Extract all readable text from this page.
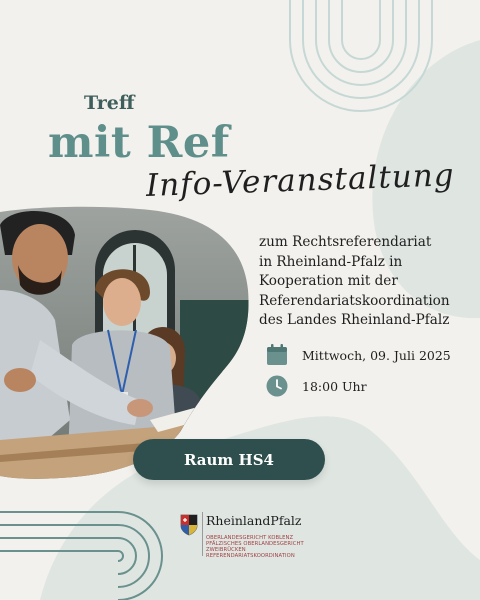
Treff
mit Ref
Info-Veranstaltung
zum Rechtsreferendariat
in Rheinland-Pfalz in
Kooperation mit der
Referendariatskoordination
des Landes Rheinland-Pfalz
Mittwoch, 09. Juli 2025
18:00 Uhr
Raum HS4
RheinlandPfalz
OBERLANDESGERICHT KOBLENZ
PFÄLZISCHES OBERLANDESGERICHT
ZWEIBRÜCKEN
REFERENDARIATSKOORDINATION
